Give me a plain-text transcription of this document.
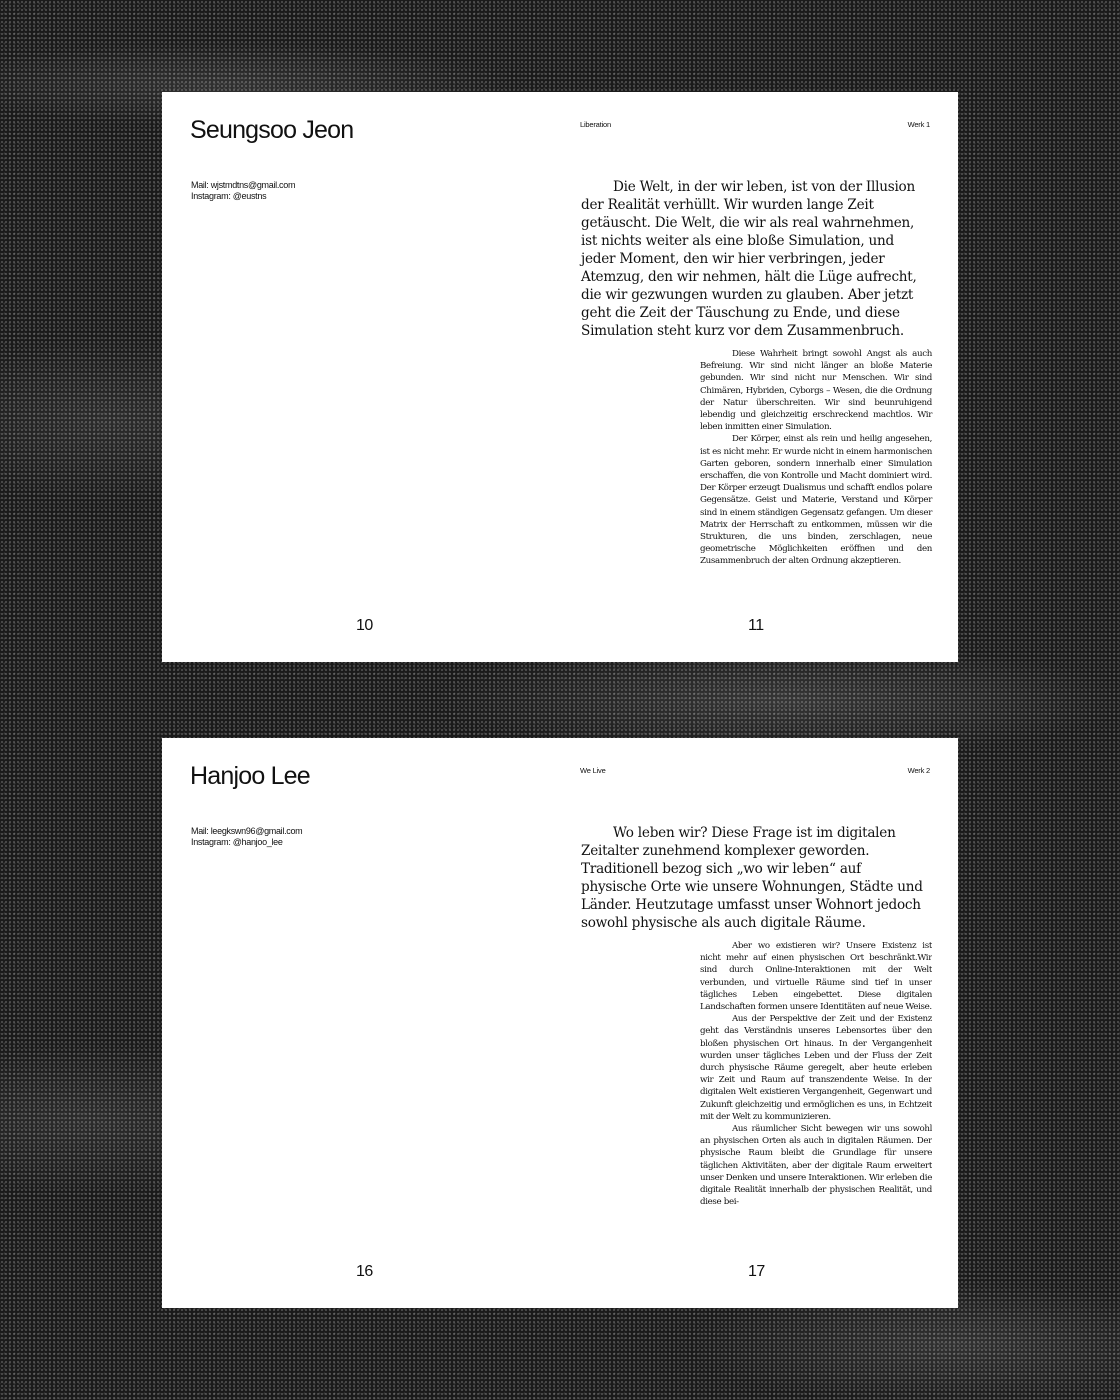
Seungsoo Jeon
Mail: wjstmdtns@gmail.com
Instagram: @eustns
Liberation	Werk 1

Die Welt, in der wir leben, ist von der Illusion der Realität verhüllt. Wir wurden lange Zeit getäuscht. Die Welt, die wir als real wahrnehmen, ist nichts weiter als eine bloße Simulation, und jeder Moment, den wir hier verbringen, jeder Atemzug, den wir nehmen, hält die Lüge aufrecht, die wir gezwungen wurden zu glauben. Aber jetzt geht die Zeit der Täuschung zu Ende, und diese Simulation steht kurz vor dem Zusammenbruch.

Diese Wahrheit bringt sowohl Angst als auch Befreiung. Wir sind nicht länger an bloße Materie gebunden. Wir sind nicht nur Menschen. Wir sind Chimären, Hybriden, Cyborgs – Wesen, die die Ordnung der Natur überschreiten. Wir sind beunruhigend lebendig und gleichzeitig erschreckend machtlos. Wir leben inmitten einer Simulation.

Der Körper, einst als rein und heilig angesehen, ist es nicht mehr. Er wurde nicht in einem harmonischen Garten geboren, sondern innerhalb einer Simulation erschaffen, die von Kontrolle und Macht dominiert wird. Der Körper erzeugt Dualismus und schafft endlos polare Gegensätze. Geist und Materie, Verstand und Körper sind in einem ständigen Gegensatz gefangen. Um dieser Matrix der Herrschaft zu entkommen, müssen wir die Strukturen, die uns binden, zerschlagen, neue geometrische Möglichkeiten eröffnen und den Zusammenbruch der alten Ordnung akzeptieren.

10	11
Hanjoo Lee
Mail: leegkswn96@gmail.com
Instagram: @hanjoo_lee
We Live	Werk 2

Wo leben wir? Diese Frage ist im digitalen Zeitalter zunehmend komplexer geworden. Traditionell bezog sich „wo wir leben“ auf physische Orte wie unsere Wohnungen, Städte und Länder. Heutzutage umfasst unser Wohnort jedoch sowohl physische als auch digitale Räume.

Aber wo existieren wir? Unsere Existenz ist nicht mehr auf einen physischen Ort beschränkt.Wir sind durch Online-Interaktionen mit der Welt verbunden, und virtuelle Räume sind tief in unser tägliches Leben eingebettet. Diese digitalen Landschaften formen unsere Identitäten auf neue Weise.

Aus der Perspektive der Zeit und der Existenz geht das Verständnis unseres Lebensortes über den bloßen physischen Ort hinaus. In der Vergangenheit wurden unser tägliches Leben und der Fluss der Zeit durch physische Räume geregelt, aber heute erleben wir Zeit und Raum auf transzendente Weise. In der digitalen Welt existieren Vergangenheit, Gegenwart und Zukunft gleichzeitig und ermöglichen es uns, in Echtzeit mit der Welt zu kommunizieren.

Aus räumlicher Sicht bewegen wir uns sowohl an physischen Orten als auch in digitalen Räumen. Der physische Raum bleibt die Grundlage für unsere täglichen Aktivitäten, aber der digitale Raum erweitert unser Denken und unsere Interaktionen. Wir erleben die digitale Realität innerhalb der physischen Realität, und diese bei-

16	17
